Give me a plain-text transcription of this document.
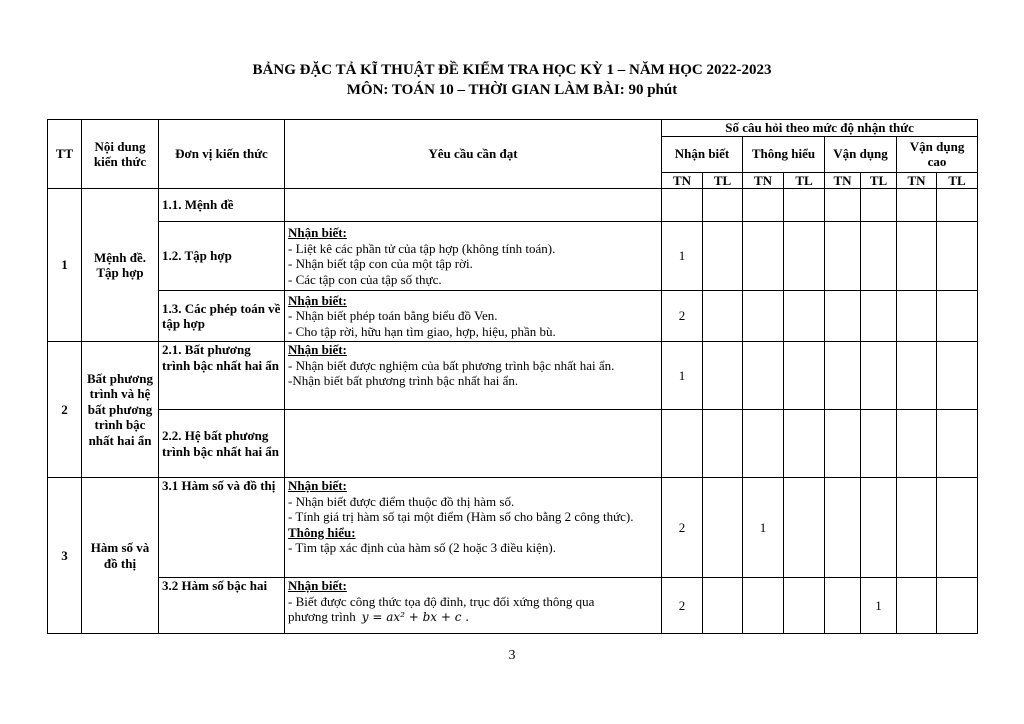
BẢNG ĐẶC TẢ KĨ THUẬT ĐỀ KIỂM TRA HỌC KỲ 1 – NĂM HỌC 2022-2023
MÔN: TOÁN 10 – THỜI GIAN LÀM BÀI: 90 phút
TT	Nội dung kiến thức	Đơn vị kiến thức	Yêu cầu cần đạt	Số câu hỏi theo mức độ nhận thức							
				Nhận biết		Thông hiểu		Vận dụng		Vận dụng cao	
				TN	TL	TN	TL	TN	TL	TN	TL
1	Mệnh đề. Tập hợp	1.1. Mệnh đề									
		1.2. Tập hợp	Nhận biết:

- Liệt kê các phần tử của tập hợp (không tính toán).

- Nhận biết tập con của một tập rời.

- Các tập con của tập số thực.	1							
		1.3. Các phép toán về tập hợp	Nhận biết:

- Nhận biết phép toán bằng biểu đồ Ven.

- Cho tập rời, hữu hạn tìm giao, hợp, hiệu, phần bù.	2							
2	Bất phương trình và hệ bất phương trình bậc nhất hai ẩn	2.1. Bất phương trình bậc nhất hai ẩn	Nhận biết:

- Nhận biết được nghiệm của bất phương trình bậc nhất hai ẩn.

-Nhận biết bất phương trình bậc nhất hai ẩn.	1							
		2.2. Hệ bất phương trình bậc nhất hai ẩn									
3	Hàm số và đồ thị	3.1 Hàm số và đồ thị	Nhận biết:

- Nhận biết được điểm thuộc đồ thị hàm số.

- Tính giá trị hàm số tại một điểm (Hàm số cho bằng 2 công thức).

Thông hiểu:

- Tìm tập xác định của hàm số (2 hoặc 3 điều kiện).	2		1					
		3.2 Hàm số bậc hai	Nhận biết:

- Biết được công thức tọa độ đỉnh, trục đối xứng thông qua

phương trình y = ax² + bx + c .	2					1		
3
